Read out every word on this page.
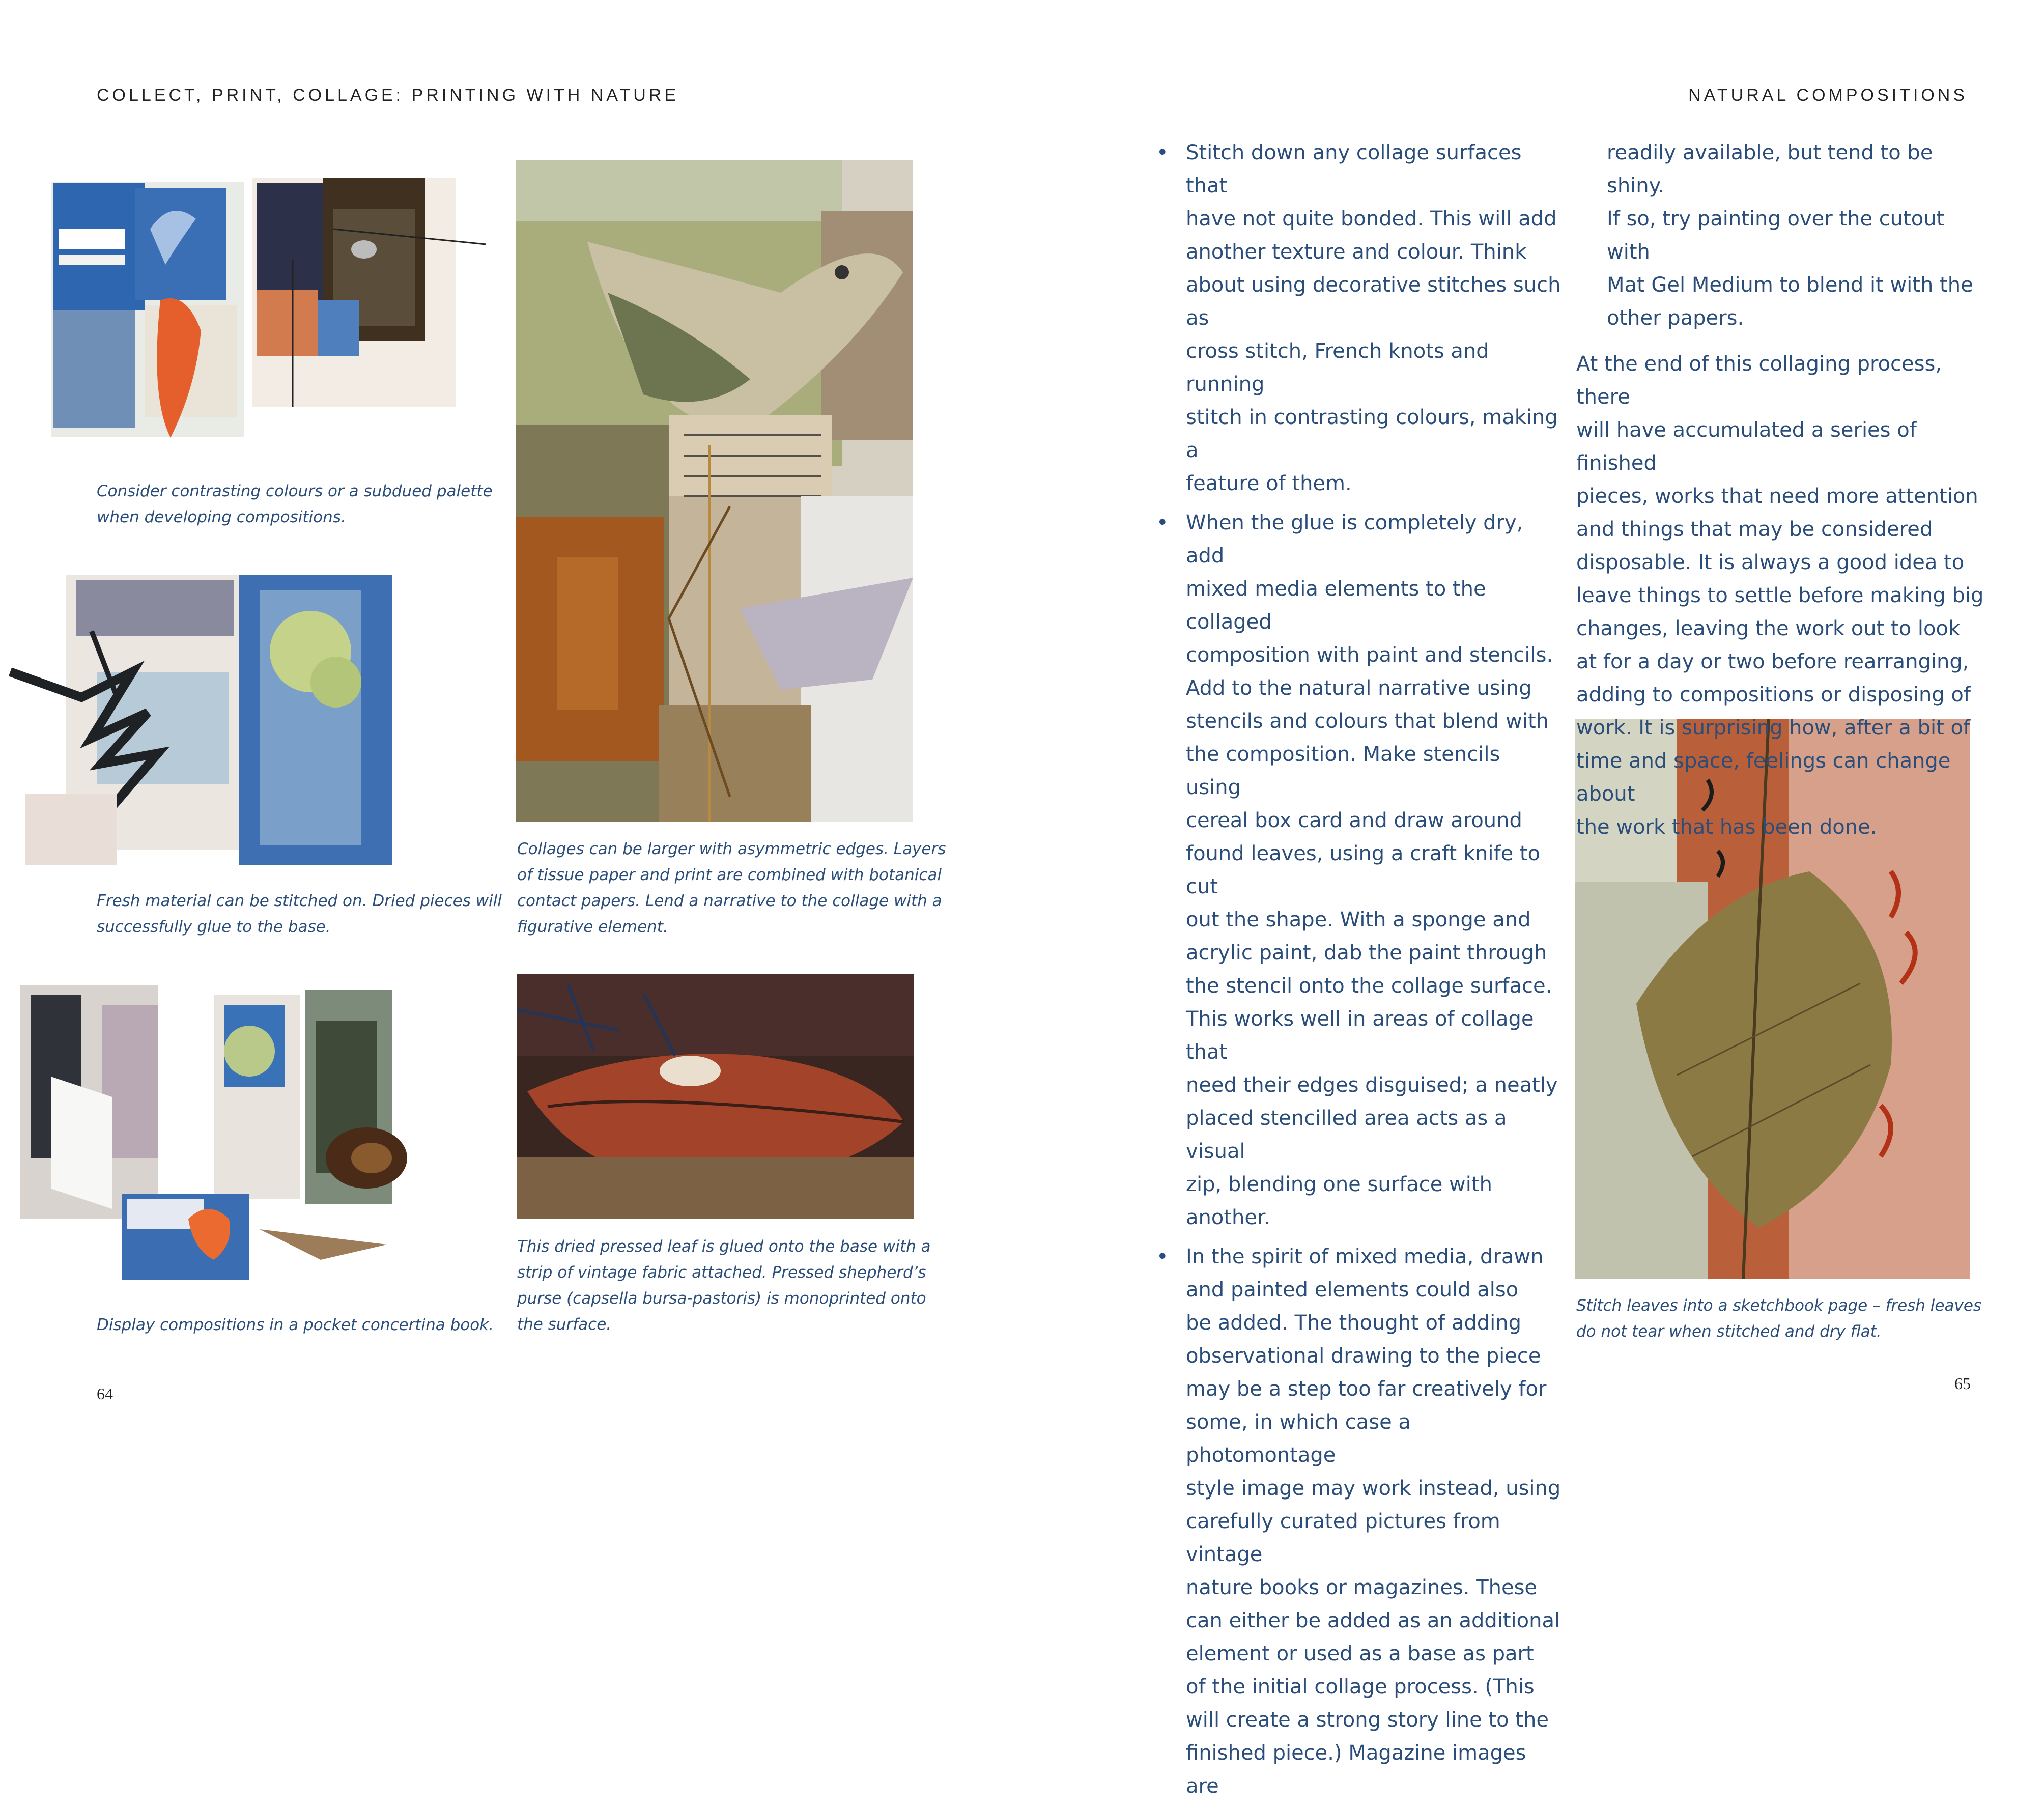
COLLECT, PRINT, COLLAGE: PRINTING WITH NATURE	NATURAL COMPOSITIONS
Consider contrasting colours or a subdued palette
when developing compositions.
Fresh material can be stitched on. Dried pieces will
successfully glue to the base.
Display compositions in a pocket concertina book.
Collages can be larger with asymmetric edges. Layers
of tissue paper and print are combined with botanical
contact papers. Lend a narrative to the collage with a
figurative element.
This dried pressed leaf is glued onto the base with a
strip of vintage fabric attached. Pressed shepherd’s
purse (capsella bursa-pastoris) is monoprinted onto
the surface.
Stitch leaves into a sketchbook page – fresh leaves
do not tear when stitched and dry flat.
• Stitch down any collage surfaces that
have not quite bonded. This will add
another texture and colour. Think
about using decorative stitches such as
cross stitch, French knots and running
stitch in contrasting colours, making a
feature of them.
• When the glue is completely dry, add
mixed media elements to the collaged
composition with paint and stencils.
Add to the natural narrative using
stencils and colours that blend with
the composition. Make stencils using
cereal box card and draw around
found leaves, using a craft knife to cut
out the shape. With a sponge and
acrylic paint, dab the paint through
the stencil onto the collage surface.
This works well in areas of collage that
need their edges disguised; a neatly
placed stencilled area acts as a visual
zip, blending one surface with another.
• In the spirit of mixed media, drawn
and painted elements could also
be added. The thought of adding
observational drawing to the piece
may be a step too far creatively for
some, in which case a photomontage
style image may work instead, using
carefully curated pictures from vintage
nature books or magazines. These
can either be added as an additional
element or used as a base as part
of the initial collage process. (This
will create a strong story line to the
finished piece.) Magazine images are

readily available, but tend to be shiny.
If so, try painting over the cutout with
Mat Gel Medium to blend it with the
other papers.

At the end of this collaging process, there
will have accumulated a series of finished
pieces, works that need more attention
and things that may be considered
disposable. It is always a good idea to
leave things to settle before making big
changes, leaving the work out to look
at for a day or two before rearranging,
adding to compositions or disposing of
work. It is surprising how, after a bit of
time and space, feelings can change about
the work that has been done.

64
65
